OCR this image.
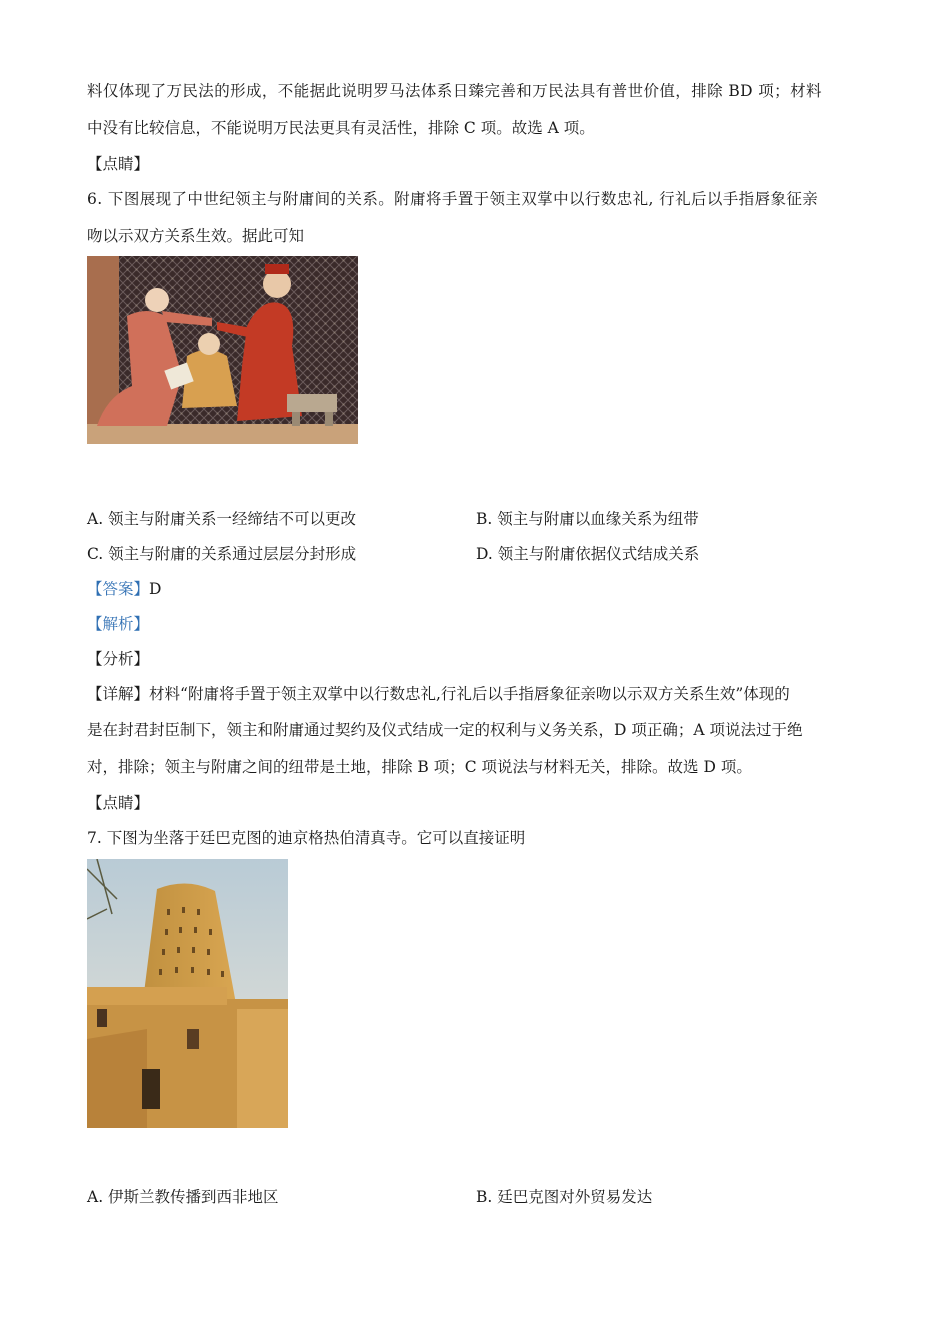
料仅体现了万民法的形成，不能据此说明罗马法体系日臻完善和万民法具有普世价值，排除 BD 项；材料
中没有比较信息，不能说明万民法更具有灵活性，排除 C 项。故选 A 项。
【点睛】
6. 下图展现了中世纪领主与附庸间的关系。附庸将手置于领主双掌中以行数忠礼, 行礼后以手指唇象征亲
吻以示双方关系生效。据此可知
A. 领主与附庸关系一经缔结不可以更改	B. 领主与附庸以血缘关系为纽带
C. 领主与附庸的关系通过层层分封形成	D. 领主与附庸依据仪式结成关系
【答案】D
【解析】
【分析】
【详解】材料“附庸将手置于领主双掌中以行数忠礼,行礼后以手指唇象征亲吻以示双方关系生效”体现的
是在封君封臣制下，领主和附庸通过契约及仪式结成一定的权利与义务关系，D 项正确；A 项说法过于绝
对，排除；领主与附庸之间的纽带是土地，排除 B 项；C 项说法与材料无关，排除。故选 D 项。
【点睛】
7. 下图为坐落于廷巴克图的迪京格热伯清真寺。它可以直接证明
A. 伊斯兰教传播到西非地区	B. 廷巴克图对外贸易发达
